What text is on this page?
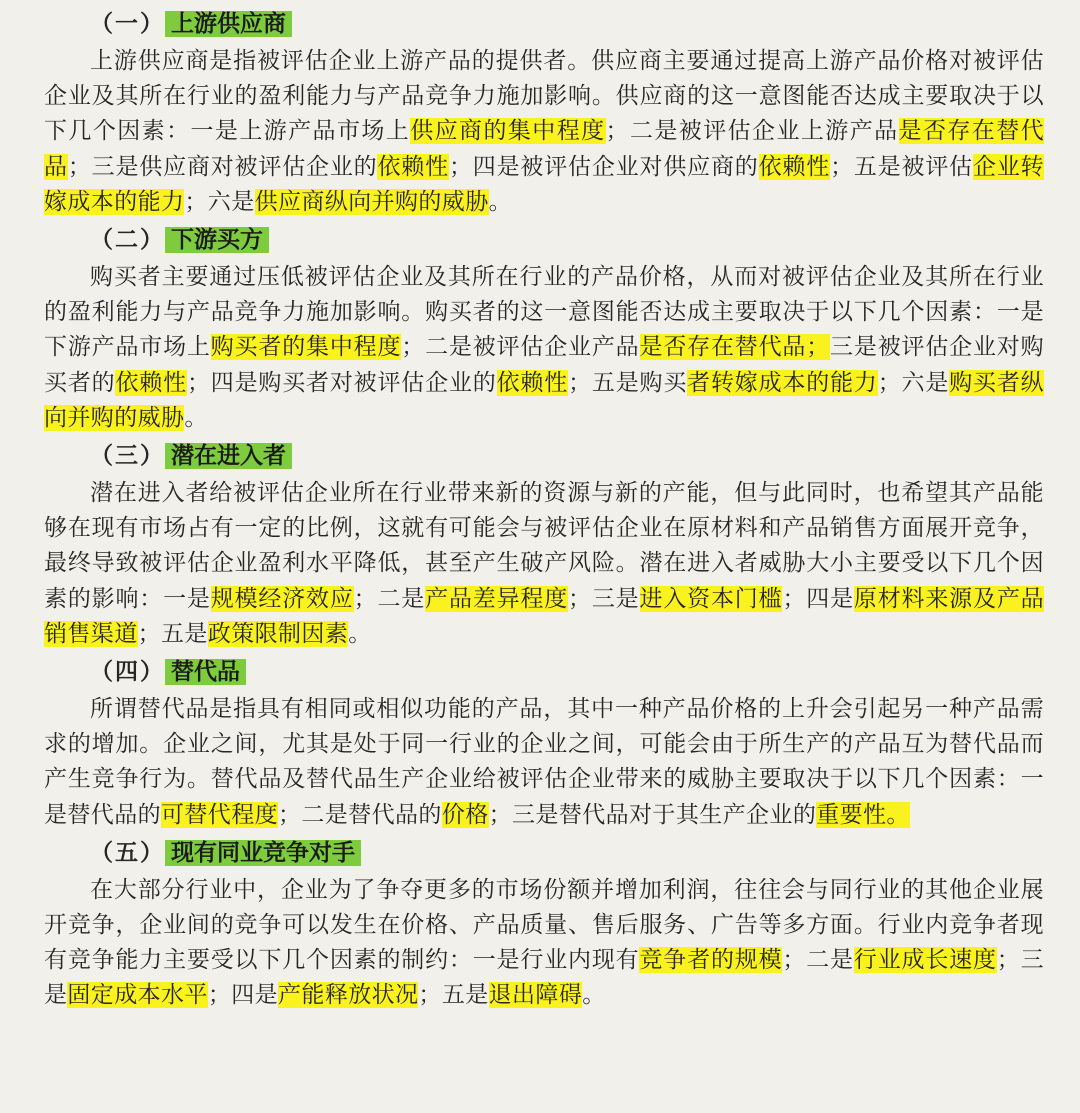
（一） 上游供应商

上游供应商是指被评估企业上游产品的提供者。供应商主要通过提高上游产品价格对被评估企业及其所在行业的盈利能力与产品竞争力施加影响。供应商的这一意图能否达成主要取决于以下几个因素：一是上游产品市场上供应商的集中程度；二是被评估企业上游产品是否存在替代品；三是供应商对被评估企业的依赖性；四是被评估企业对供应商的依赖性；五是被评估企业转嫁成本的能力；六是供应商纵向并购的威胁。

（二） 下游买方

购买者主要通过压低被评估企业及其所在行业的产品价格，从而对被评估企业及其所在行业的盈利能力与产品竞争力施加影响。购买者的这一意图能否达成主要取决于以下几个因素：一是下游产品市场上购买者的集中程度；二是被评估企业产品是否存在替代品；三是被评估企业对购买者的依赖性；四是购买者对被评估企业的依赖性；五是购买者转嫁成本的能力；六是购买者纵向并购的威胁。

（三） 潜在进入者

潜在进入者给被评估企业所在行业带来新的资源与新的产能，但与此同时，也希望其产品能够在现有市场占有一定的比例，这就有可能会与被评估企业在原材料和产品销售方面展开竞争，最终导致被评估企业盈利水平降低，甚至产生破产风险。潜在进入者威胁大小主要受以下几个因素的影响：一是规模经济效应；二是产品差异程度；三是进入资本门槛；四是原材料来源及产品销售渠道；五是政策限制因素。

（四） 替代品

所谓替代品是指具有相同或相似功能的产品，其中一种产品价格的上升会引起另一种产品需求的增加。企业之间，尤其是处于同一行业的企业之间，可能会由于所生产的产品互为替代品而产生竞争行为。替代品及替代品生产企业给被评估企业带来的威胁主要取决于以下几个因素：一是替代品的可替代程度；二是替代品的价格；三是替代品对于其生产企业的重要性。

（五） 现有同业竞争对手

在大部分行业中，企业为了争夺更多的市场份额并增加利润，往往会与同行业的其他企业展开竞争，企业间的竞争可以发生在价格、产品质量、售后服务、广告等多方面。行业内竞争者现有竞争能力主要受以下几个因素的制约：一是行业内现有竞争者的规模；二是行业成长速度；三是固定成本水平；四是产能释放状况；五是退出障碍。
